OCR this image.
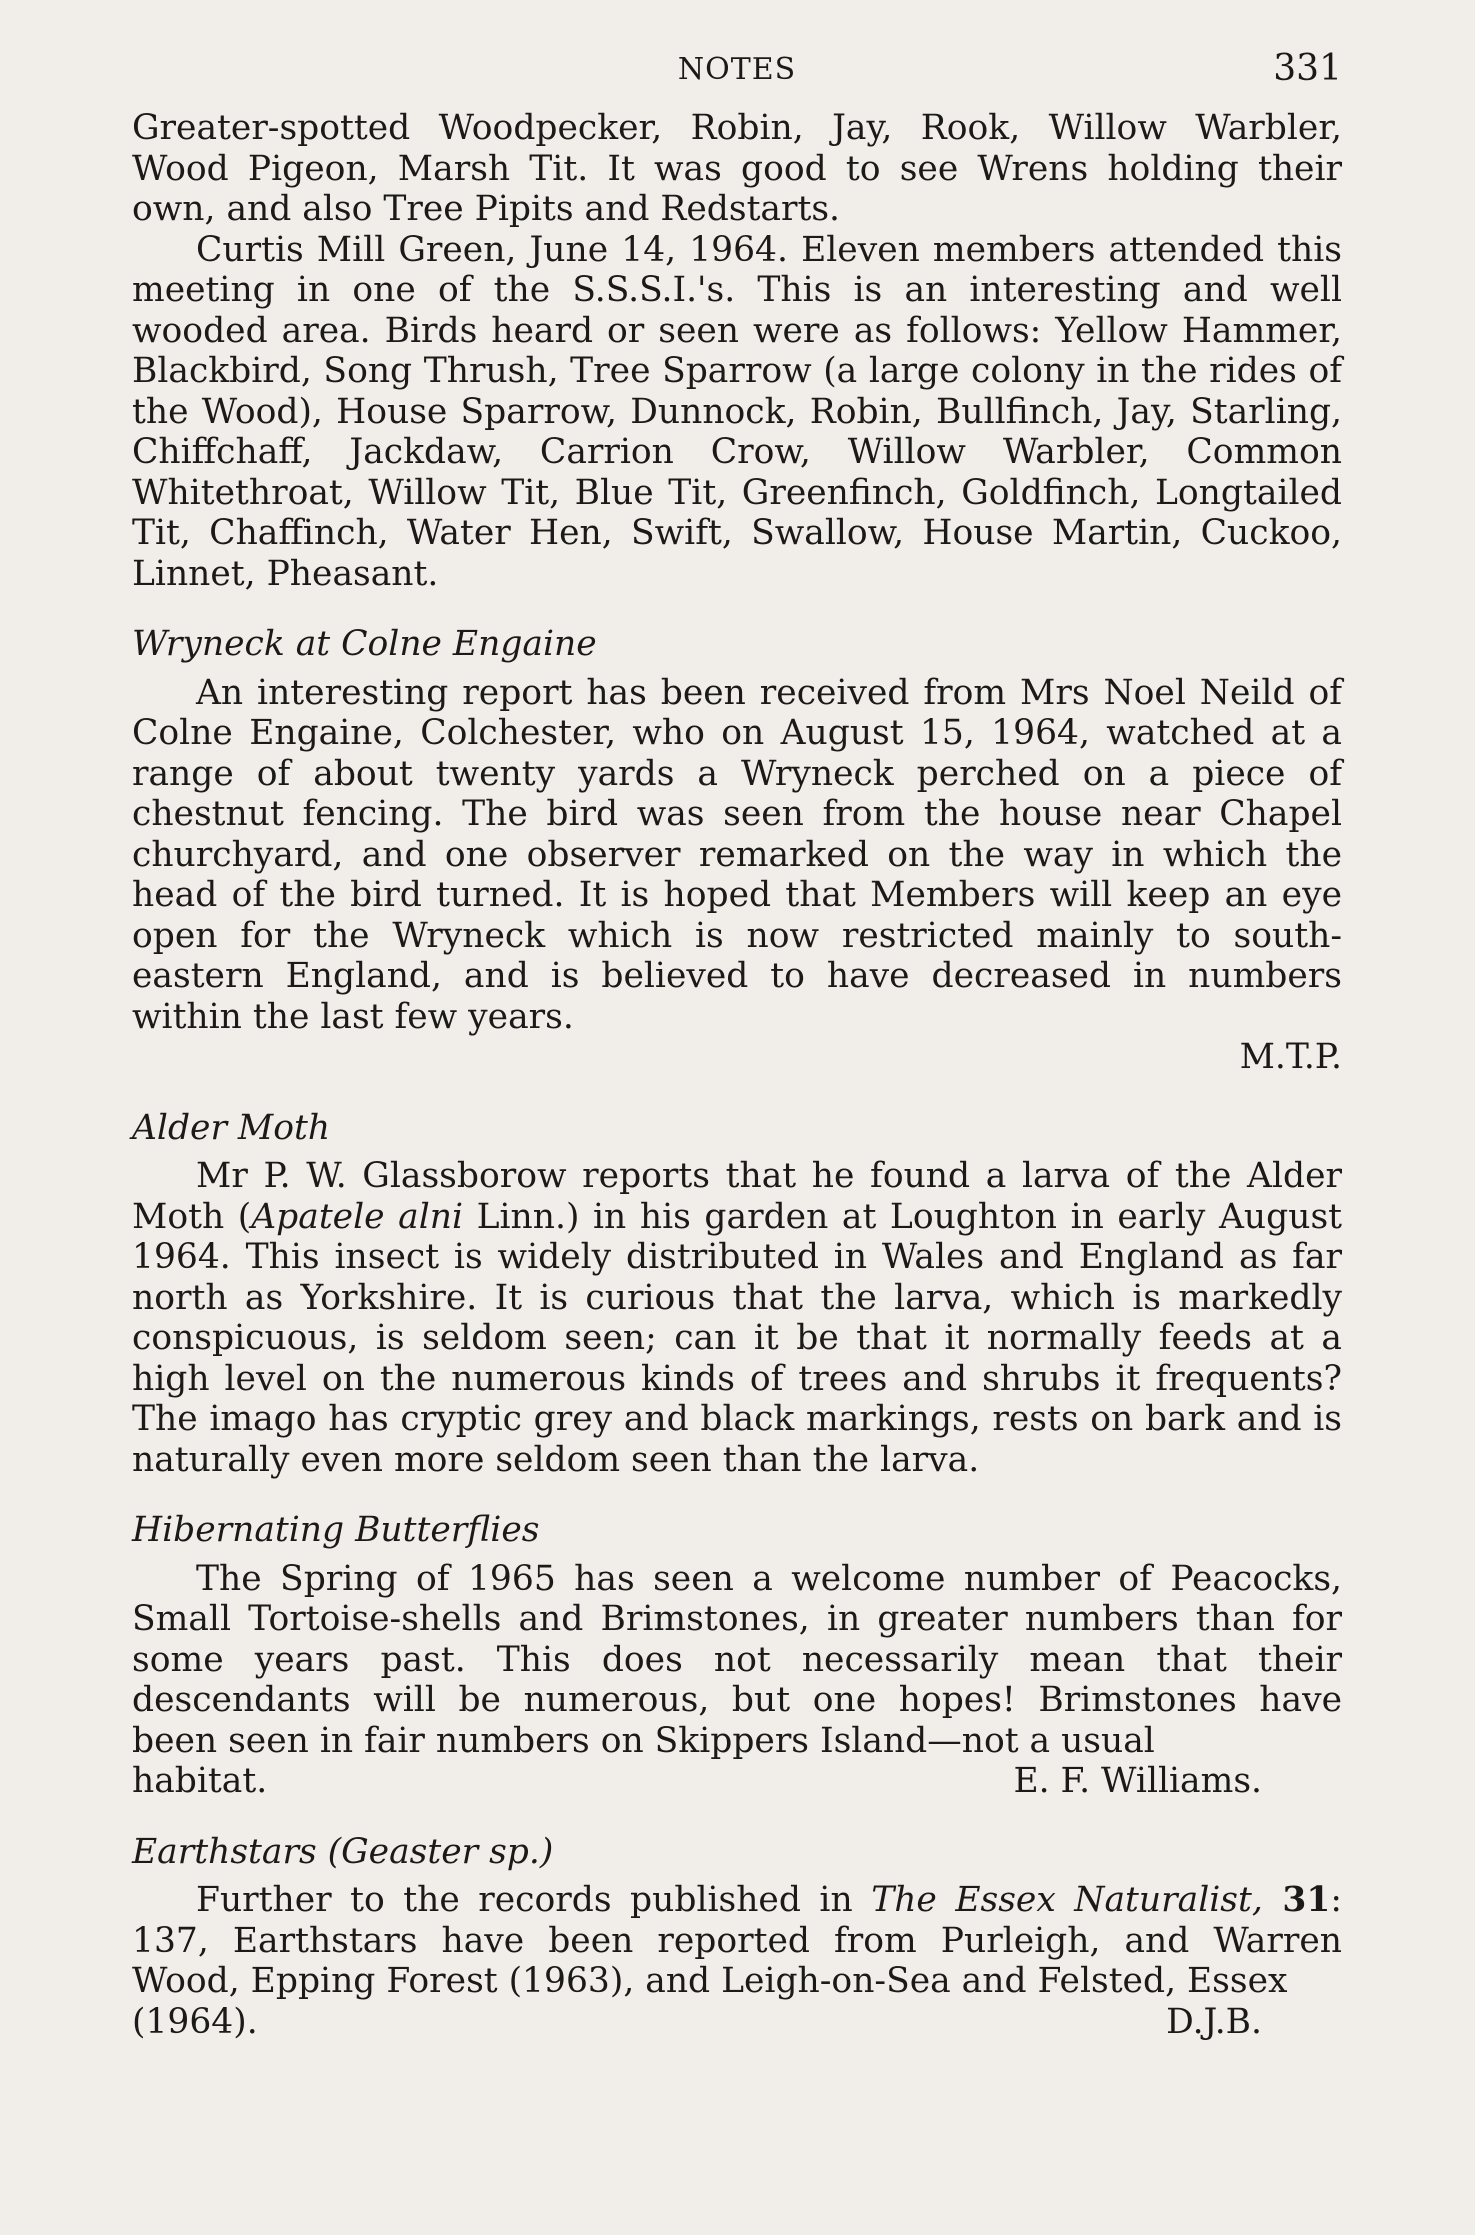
NOTES	331

Greater-spotted Woodpecker, Robin, Jay, Rook, Willow Warbler, Wood Pigeon, Marsh Tit. It was good to see Wrens holding their own, and also Tree Pipits and Redstarts.

Curtis Mill Green, June 14, 1964. Eleven members attended this meeting in one of the S.S.S.I.'s. This is an interesting and well wooded area. Birds heard or seen were as follows: Yellow Hammer, Blackbird, Song Thrush, Tree Sparrow (a large colony in the rides of the Wood), House Sparrow, Dunnock, Robin, Bullfinch, Jay, Starling, Chiffchaff, Jackdaw, Carrion Crow, Willow Warbler, Common Whitethroat, Willow Tit, Blue Tit, Greenfinch, Goldfinch, Longtailed Tit, Chaffinch, Water Hen, Swift, Swallow, House Martin, Cuckoo, Linnet, Pheasant.

Wryneck at Colne Engaine

An interesting report has been received from Mrs Noel Neild of Colne Engaine, Colchester, who on August 15, 1964, watched at a range of about twenty yards a Wryneck perched on a piece of chestnut fencing. The bird was seen from the house near Chapel churchyard, and one observer remarked on the way in which the head of the bird turned. It is hoped that Members will keep an eye open for the Wryneck which is now restricted mainly to south-eastern England, and is believed to have decreased in numbers within the last few years.

M.T.P.

Alder Moth

Mr P. W. Glassborow reports that he found a larva of the Alder Moth (Apatele alni Linn.) in his garden at Loughton in early August 1964. This insect is widely distributed in Wales and England as far north as Yorkshire. It is curious that the larva, which is markedly conspicuous, is seldom seen; can it be that it normally feeds at a high level on the numerous kinds of trees and shrubs it frequents? The imago has cryptic grey and black markings, rests on bark and is naturally even more seldom seen than the larva.

Hibernating Butterflies

The Spring of 1965 has seen a welcome number of Peacocks, Small Tortoise-shells and Brimstones, in greater numbers than for some years past. This does not necessarily mean that their descendants will be numerous, but one hopes! Brimstones have been seen in fair numbers on Skippers Island—not a usual

habitat.	E. F. Williams.
Earthstars (Geaster sp.)

Further to the records published in The Essex Naturalist, 31: 137, Earthstars have been reported from Purleigh, and Warren Wood, Epping Forest (1963), and Leigh-on-Sea and Felsted, Essex

(1964).	D.J.B.
